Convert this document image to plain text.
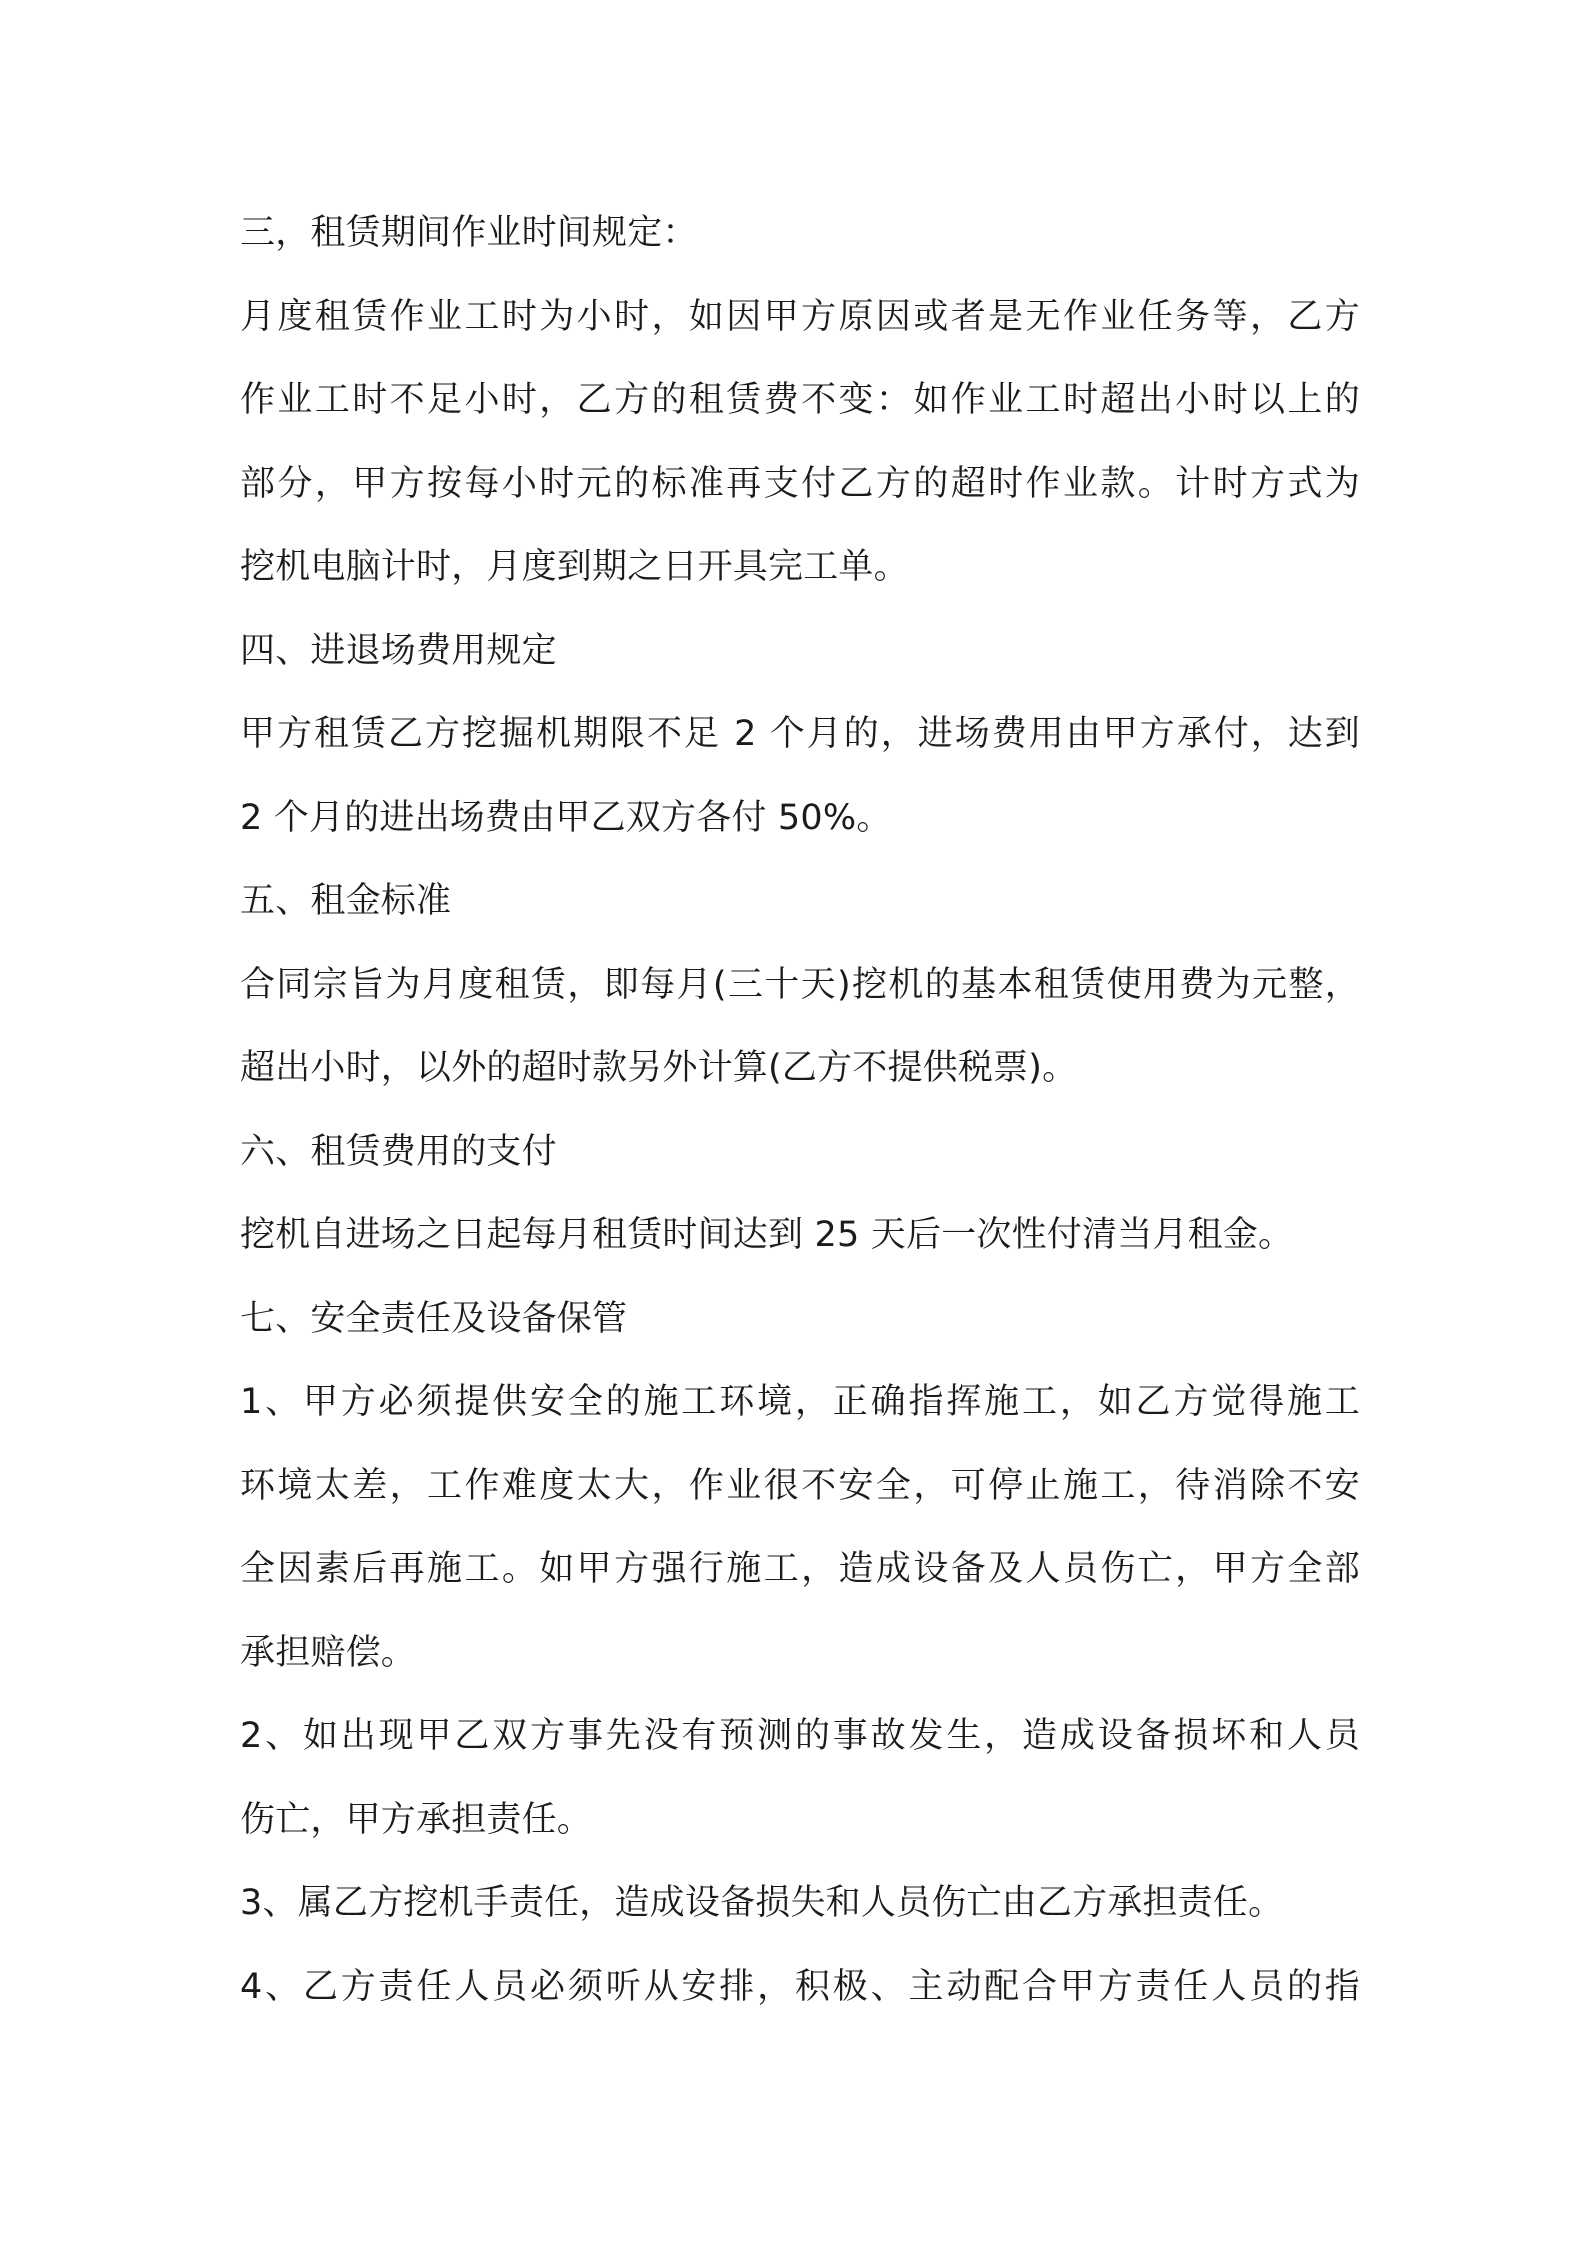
三，租赁期间作业时间规定：
月度租赁作业工时为小时，如因甲方原因或者是无作业任务等，乙方
作业工时不足小时，乙方的租赁费不变：如作业工时超出小时以上的
部分，甲方按每小时元的标准再支付乙方的超时作业款。计时方式为
挖机电脑计时，月度到期之日开具完工单。
四、进退场费用规定
甲方租赁乙方挖掘机期限不足 2 个月的，进场费用由甲方承付，达到
2 个月的进出场费由甲乙双方各付 50%。
五、租金标准
合同宗旨为月度租赁，即每月(三十天)挖机的基本租赁使用费为元整，
超出小时，以外的超时款另外计算(乙方不提供税票)。
六、租赁费用的支付
挖机自进场之日起每月租赁时间达到 25 天后一次性付清当月租金。
七、安全责任及设备保管
1、甲方必须提供安全的施工环境，正确指挥施工，如乙方觉得施工
环境太差，工作难度太大，作业很不安全，可停止施工，待消除不安
全因素后再施工。如甲方强行施工，造成设备及人员伤亡，甲方全部
承担赔偿。
2、如出现甲乙双方事先没有预测的事故发生，造成设备损坏和人员
伤亡，甲方承担责任。
3、属乙方挖机手责任，造成设备损失和人员伤亡由乙方承担责任。
4、乙方责任人员必须听从安排，积极、主动配合甲方责任人员的指
